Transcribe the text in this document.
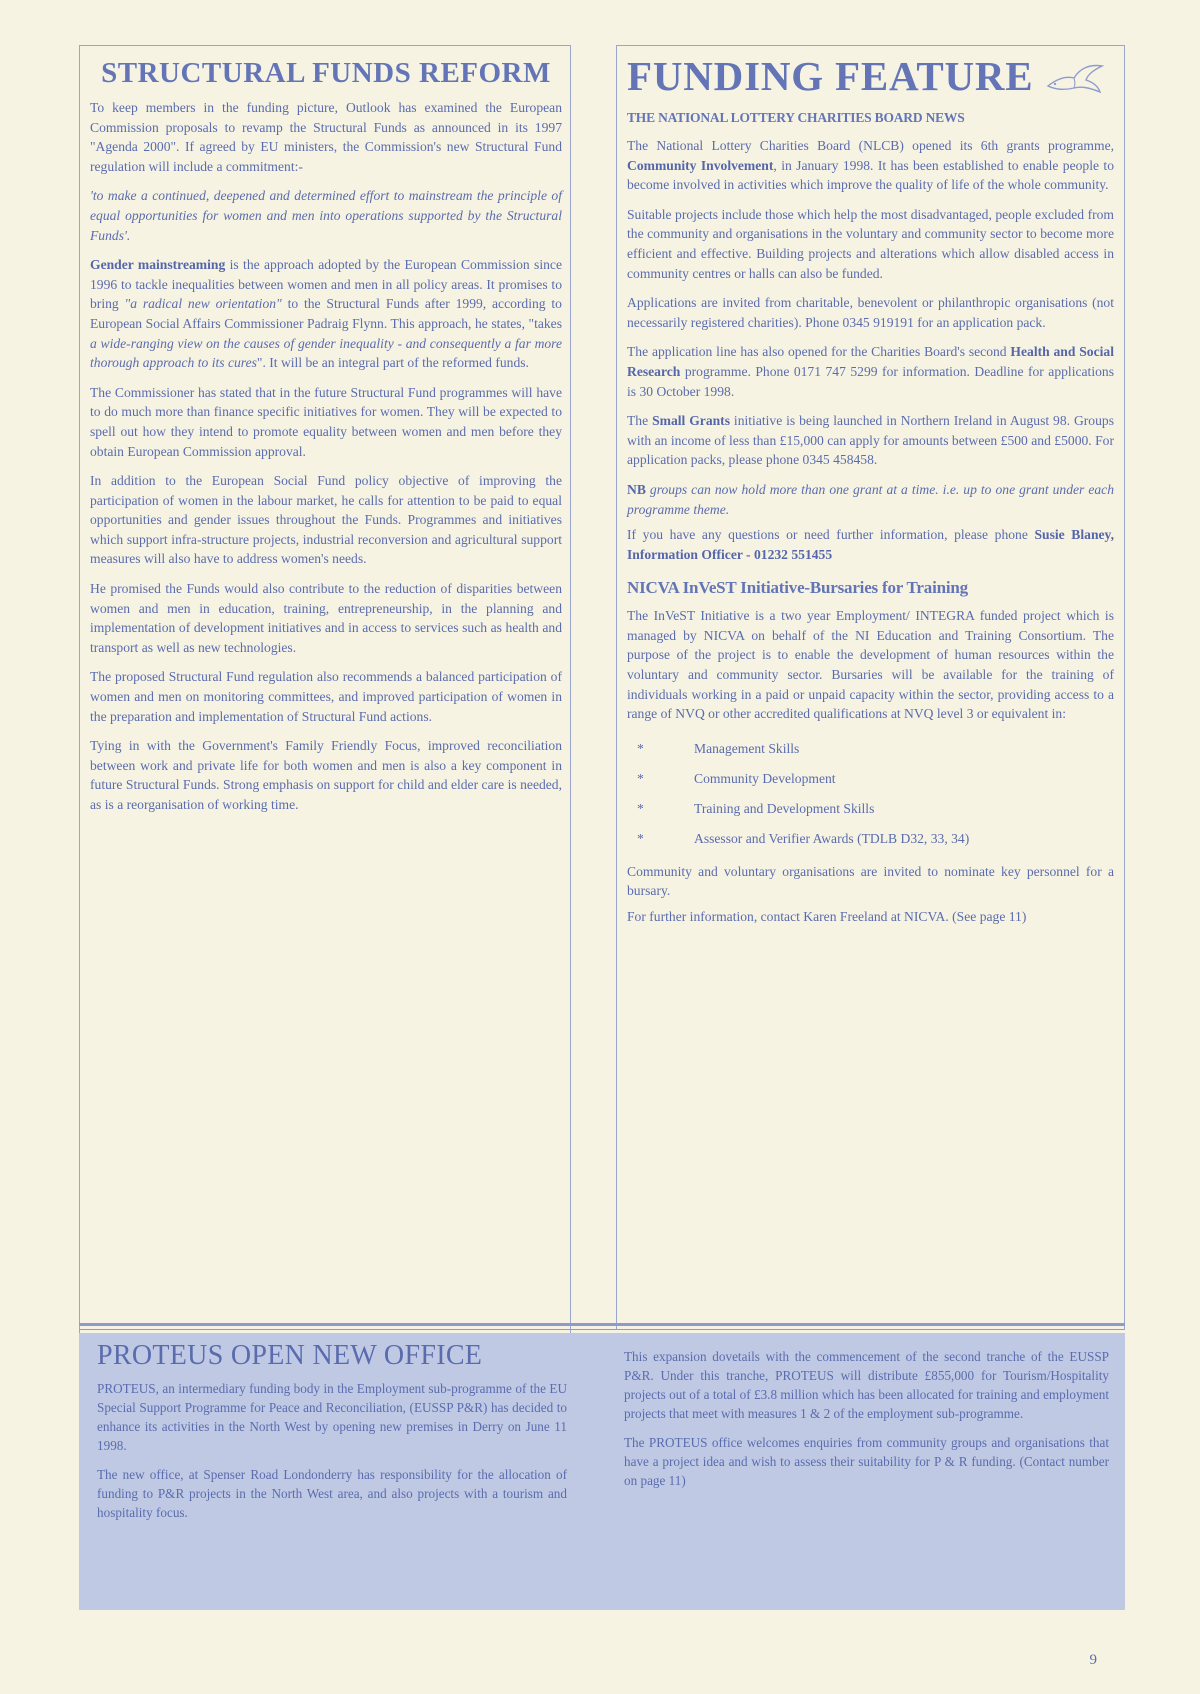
STRUCTURAL FUNDS REFORM

To keep members in the funding picture, Outlook has examined the European Commission proposals to revamp the Structural Funds as announced in its 1997 "Agenda 2000". If agreed by EU ministers, the Commission's new Structural Fund regulation will include a commitment:-

'to make a continued, deepened and determined effort to mainstream the principle of equal opportunities for women and men into operations supported by the Structural Funds'.

Gender mainstreaming is the approach adopted by the European Commission since 1996 to tackle inequalities between women and men in all policy areas. It promises to bring "a radical new orientation" to the Structural Funds after 1999, according to European Social Affairs Commissioner Padraig Flynn. This approach, he states, "takes a wide-ranging view on the causes of gender inequality - and consequently a far more thorough approach to its cures". It will be an integral part of the reformed funds.

The Commissioner has stated that in the future Structural Fund programmes will have to do much more than finance specific initiatives for women. They will be expected to spell out how they intend to promote equality between women and men before they obtain European Commission approval.

In addition to the European Social Fund policy objective of improving the participation of women in the labour market, he calls for attention to be paid to equal opportunities and gender issues throughout the Funds. Programmes and initiatives which support infra-structure projects, industrial reconversion and agricultural support measures will also have to address women's needs.

He promised the Funds would also contribute to the reduction of disparities between women and men in education, training, entrepreneurship, in the planning and implementation of development initiatives and in access to services such as health and transport as well as new technologies.

The proposed Structural Fund regulation also recommends a balanced participation of women and men on monitoring committees, and improved participation of women in the preparation and implementation of Structural Fund actions.

Tying in with the Government's Family Friendly Focus, improved reconciliation between work and private life for both women and men is also a key component in future Structural Funds. Strong emphasis on support for child and elder care is needed, as is a reorganisation of working time.

FUNDING FEATURE
THE NATIONAL LOTTERY CHARITIES BOARD NEWS

The National Lottery Charities Board (NLCB) opened its 6th grants programme, Community Involvement, in January 1998. It has been established to enable people to become involved in activities which improve the quality of life of the whole community.

Suitable projects include those which help the most disadvantaged, people excluded from the community and organisations in the voluntary and community sector to become more efficient and effective. Building projects and alterations which allow disabled access in community centres or halls can also be funded.

Applications are invited from charitable, benevolent or philanthropic organisations (not necessarily registered charities). Phone 0345 919191 for an application pack.

The application line has also opened for the Charities Board's second Health and Social Research programme. Phone 0171 747 5299 for information. Deadline for applications is 30 October 1998.

The Small Grants initiative is being launched in Northern Ireland in August 98. Groups with an income of less than £15,000 can apply for amounts between £500 and £5000. For application packs, please phone 0345 458458.

NB groups can now hold more than one grant at a time. i.e. up to one grant under each programme theme.

If you have any questions or need further information, please phone Susie Blaney, Information Officer - 01232 551455

NICVA InVeST Initiative-Bursaries for Training

The InVeST Initiative is a two year Employment/ INTEGRA funded project which is managed by NICVA on behalf of the NI Education and Training Consortium. The purpose of the project is to enable the development of human resources within the voluntary and community sector. Bursaries will be available for the training of individuals working in a paid or unpaid capacity within the sector, providing access to a range of NVQ or other accredited qualifications at NVQ level 3 or equivalent in:

*	Management Skills
*	Community Development
*	Training and Development Skills
*	Assessor and Verifier Awards (TDLB D32, 33, 34)

Community and voluntary organisations are invited to nominate key personnel for a bursary.

For further information, contact Karen Freeland at NICVA. (See page 11)

PROTEUS OPEN NEW OFFICE

PROTEUS, an intermediary funding body in the Employment sub-programme of the EU Special Support Programme for Peace and Reconciliation, (EUSSP P&R) has decided to enhance its activities in the North West by opening new premises in Derry on June 11 1998.

The new office, at Spenser Road Londonderry has responsibility for the allocation of funding to P&R projects in the North West area, and also projects with a tourism and hospitality focus.

This expansion dovetails with the commencement of the second tranche of the EUSSP P&R. Under this tranche, PROTEUS will distribute £855,000 for Tourism/Hospitality projects out of a total of £3.8 million which has been allocated for training and employment projects that meet with measures 1 & 2 of the employment sub-programme.

The PROTEUS office welcomes enquiries from community groups and organisations that have a project idea and wish to assess their suitability for P & R funding. (Contact number on page 11)

9
